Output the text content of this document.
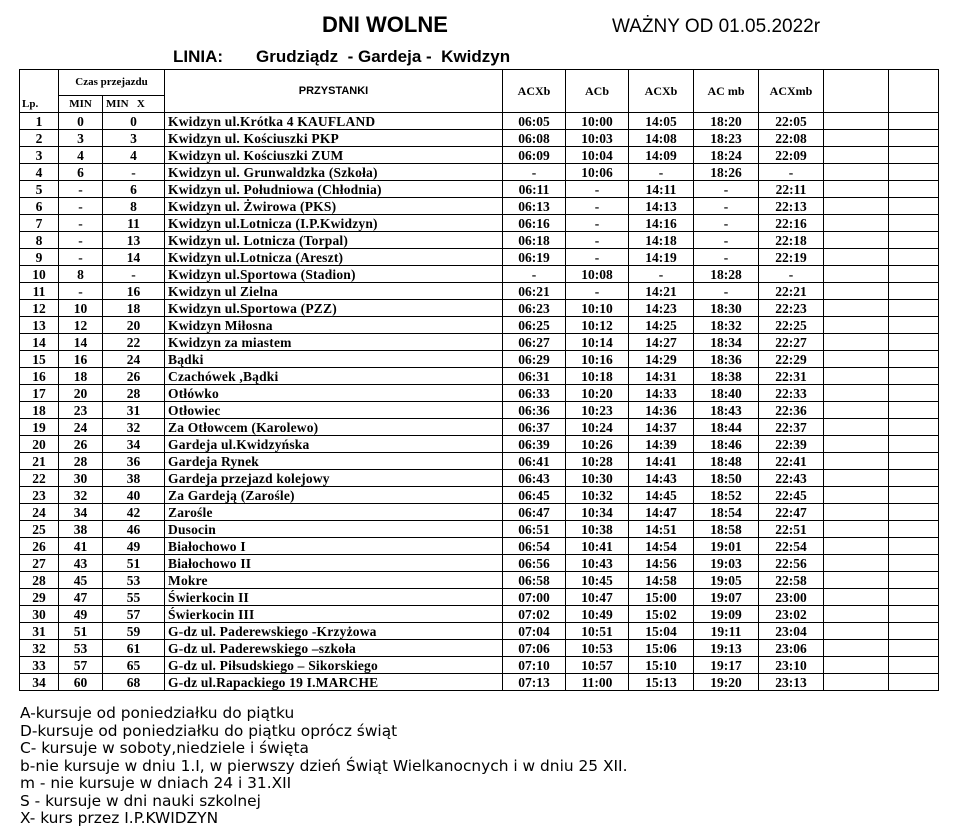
DNI WOLNE	WAŻNY OD 01.05.2022r
LINIA: Grudziądz  - Gardeja -  Kwidzyn
Lp.	Czas przejazdu		PRZYSTANKI	ACXb	ACb	ACXb	AC mb	ACXmb		
	MIN	MIN   X								
1	0	0	Kwidzyn ul.Krótka 4 KAUFLAND	06:05	10:00	14:05	18:20	22:05		
2	3	3	Kwidzyn ul. Kościuszki PKP	06:08	10:03	14:08	18:23	22:08		
3	4	4	Kwidzyn ul. Kościuszki ZUM	06:09	10:04	14:09	18:24	22:09		
4	6	-	Kwidzyn ul. Grunwaldzka (Szkoła)	-	10:06	-	18:26	-		
5	-	6	Kwidzyn ul. Południowa (Chłodnia)	06:11	-	14:11	-	22:11		
6	-	8	Kwidzyn ul. Żwirowa (PKS)	06:13	-	14:13	-	22:13		
7	-	11	Kwidzyn ul.Lotnicza (I.P.Kwidzyn)	06:16	-	14:16	-	22:16		
8	-	13	Kwidzyn ul. Lotnicza (Torpal)	06:18	-	14:18	-	22:18		
9	-	14	Kwidzyn ul.Lotnicza (Areszt)	06:19	-	14:19	-	22:19		
10	8	-	Kwidzyn ul.Sportowa (Stadion)	-	10:08	-	18:28	-		
11	-	16	Kwidzyn ul Zielna	06:21	-	14:21	-	22:21		
12	10	18	Kwidzyn ul.Sportowa (PZZ)	06:23	10:10	14:23	18:30	22:23		
13	12	20	Kwidzyn Miłosna	06:25	10:12	14:25	18:32	22:25		
14	14	22	Kwidzyn za miastem	06:27	10:14	14:27	18:34	22:27		
15	16	24	Bądki	06:29	10:16	14:29	18:36	22:29		
16	18	26	Czachówek ,Bądki	06:31	10:18	14:31	18:38	22:31		
17	20	28	Otłówko	06:33	10:20	14:33	18:40	22:33		
18	23	31	Otłowiec	06:36	10:23	14:36	18:43	22:36		
19	24	32	Za Otłowcem (Karolewo)	06:37	10:24	14:37	18:44	22:37		
20	26	34	Gardeja ul.Kwidzyńska	06:39	10:26	14:39	18:46	22:39		
21	28	36	Gardeja Rynek	06:41	10:28	14:41	18:48	22:41		
22	30	38	Gardeja przejazd kolejowy	06:43	10:30	14:43	18:50	22:43		
23	32	40	Za Gardeją (Zarośle)	06:45	10:32	14:45	18:52	22:45		
24	34	42	Zarośle	06:47	10:34	14:47	18:54	22:47		
25	38	46	Dusocin	06:51	10:38	14:51	18:58	22:51		
26	41	49	Białochowo I	06:54	10:41	14:54	19:01	22:54		
27	43	51	Białochowo II	06:56	10:43	14:56	19:03	22:56		
28	45	53	Mokre	06:58	10:45	14:58	19:05	22:58		
29	47	55	Świerkocin II	07:00	10:47	15:00	19:07	23:00		
30	49	57	Świerkocin III	07:02	10:49	15:02	19:09	23:02		
31	51	59	G-dz ul. Paderewskiego -Krzyżowa	07:04	10:51	15:04	19:11	23:04		
32	53	61	G-dz ul. Paderewskiego –szkoła	07:06	10:53	15:06	19:13	23:06		
33	57	65	G-dz ul. Piłsudskiego – Sikorskiego	07:10	10:57	15:10	19:17	23:10		
34	60	68	G-dz ul.Rapackiego 19 I.MARCHE	07:13	11:00	15:13	19:20	23:13		
A-kursuje od poniedziałku do piątku
D-kursuje od poniedziałku do piątku oprócz świąt
C- kursuje w soboty,niedziele i święta
b-nie kursuje w dniu 1.I, w pierwszy dzień Świąt Wielkanocnych i w dniu 25 XII.
m - nie kursuje w dniach 24 i 31.XII
S - kursuje w dni nauki szkolnej
X- kurs przez I.P.KWIDZYN
